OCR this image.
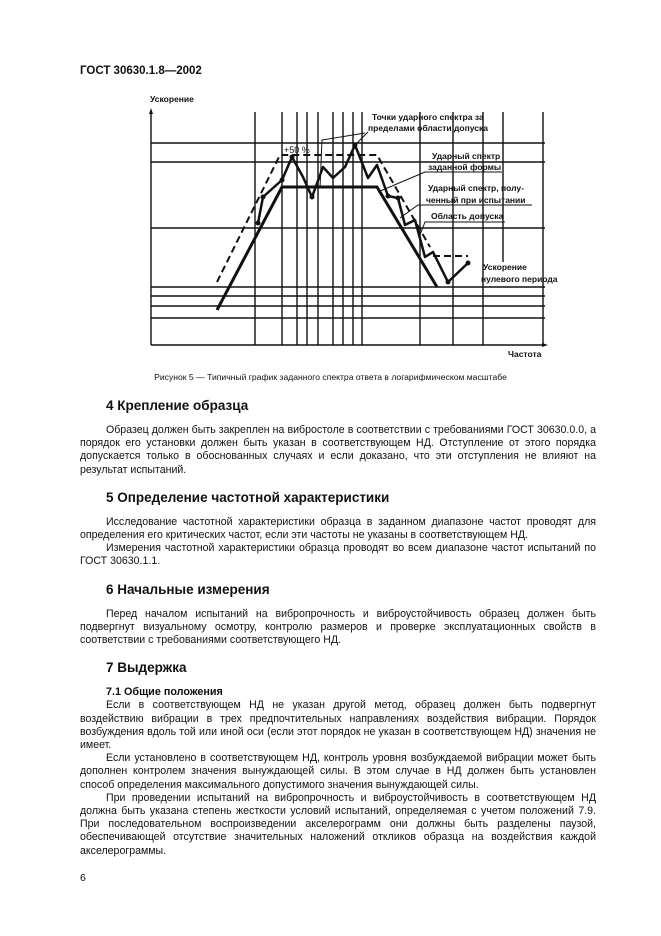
ГОСТ 30630.1.8—2002
Ускорение
Частота
+50 %
Точки ударного спектра за
пределами области допуска
Ударный спектр
заданной формы
Ударный спектр, полу-
ченный при испытании
Область допуска
Ускорение
нулевого периода
Рисунок 5 — Типичный график заданного спектра ответа в логарифмическом масштабе
4 Крепление образца

Образец должен быть закреплен на вибростоле в соответствии с требованиями ГОСТ 30630.0.0, а порядок его установки должен быть указан в соответствующем НД. Отступление от этого порядка допускается только в обоснованных случаях и если доказано, что эти отступления не влияют на результат испытаний.

5 Определение частотной характеристики

Исследование частотной характеристики образца в заданном диапазоне частот проводят для определения его критических частот, если эти частоты не указаны в соответствующем НД.

Измерения частотной характеристики образца проводят во всем диапазоне частот испытаний по ГОСТ 30630.1.1.

6 Начальные измерения

Перед началом испытаний на вибропрочность и виброустойчивость образец должен быть подвергнут визуальному осмотру, контролю размеров и проверке эксплуатационных свойств в соответствии с требованиями соответствующего НД.

7 Выдержка
7.1 Общие положения

Если в соответствующем НД не указан другой метод, образец должен быть подвергнут воздействию вибрации в трех предпочтительных направлениях воздействия вибрации. Порядок возбуждения вдоль той или иной оси (если этот порядок не указан в соответствующем НД) значения не имеет.

Если установлено в соответствующем НД, контроль уровня возбуждаемой вибрации может быть дополнен контролем значения вынуждающей силы. В этом случае в НД должен быть установлен способ определения максимального допустимого значения вынуждающей силы.

При проведении испытаний на вибропрочность и виброустойчивость в соответствующем НД должна быть указана степень жесткости условий испытаний, определяемая с учетом положений 7.9. При последовательном воспроизведении акселерограмм они должны быть разделены паузой, обеспечивающей отсутствие значительных наложений откликов образца на воздействия каждой акселерограммы.

6
